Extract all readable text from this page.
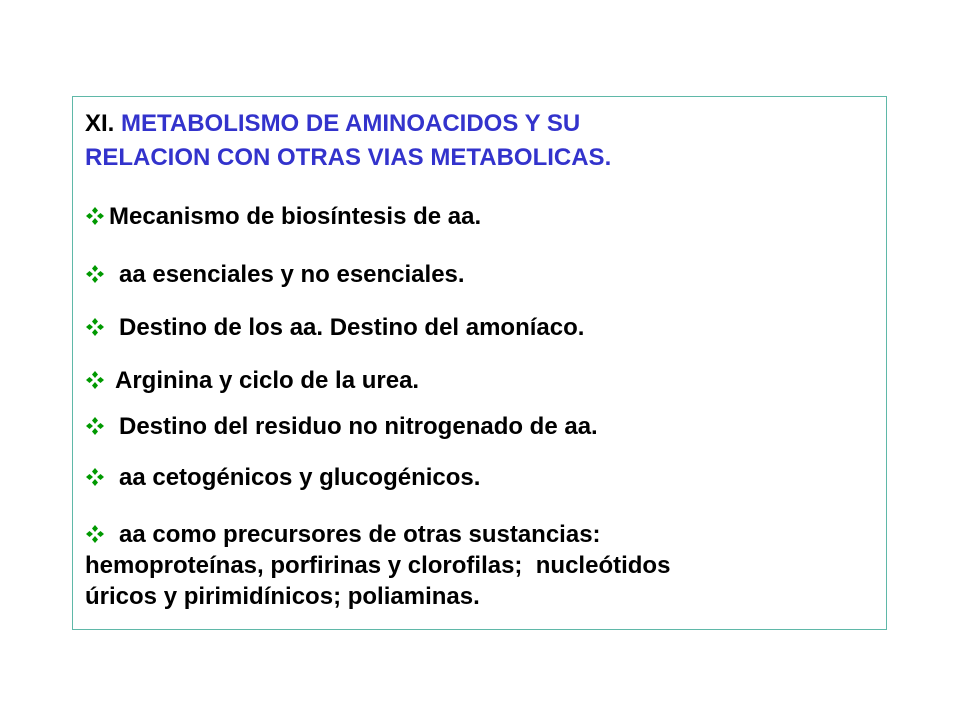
XI. METABOLISMO DE AMINOACIDOS Y SU
RELACION CON OTRAS VIAS METABOLICAS.
Mecanismo de biosíntesis de aa.
aa esenciales y no esenciales.
Destino de los aa. Destino del amoníaco.
Arginina y ciclo de la urea.
Destino del residuo no nitrogenado de aa.
aa cetogénicos y glucogénicos.
aa como precursores de otras sustancias:
hemoproteínas, porfirinas y clorofilas;  nucleótidos
úricos y pirimidínicos; poliaminas.
